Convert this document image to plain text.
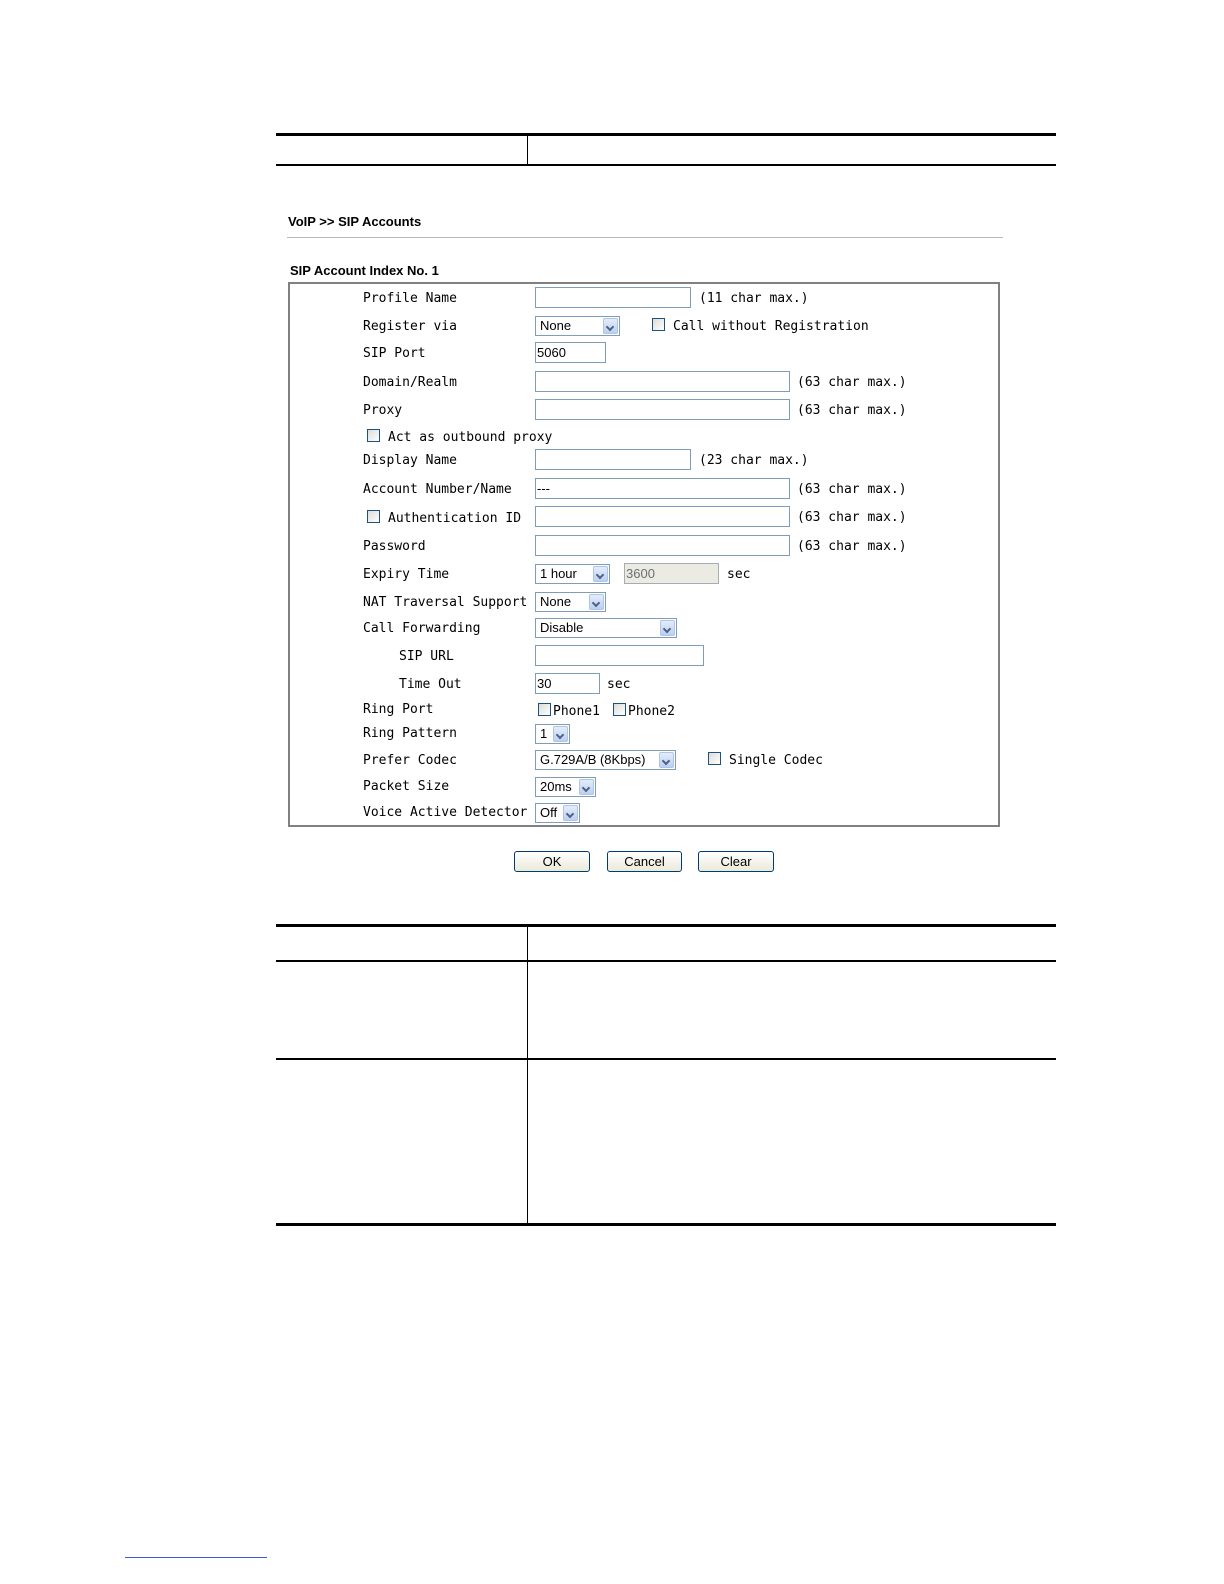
VoIP >> SIP Accounts
SIP Account Index No. 1
Profile Name	(11 char max.)
Register via	None	Call without Registration
SIP Port	5060
Domain/Realm	(63 char max.)
Proxy	(63 char max.)
Act as outbound proxy
Display Name	(23 char max.)
Account Number/Name ---	(63 char max.)
Authentication ID	(63 char max.)
Password	(63 char max.)
Expiry Time	1 hour	3600	sec
NAT Traversal Support None
Call Forwarding	Disable
SIP URL
Time Out	30	sec
Ring Port	Phone1 Phone2
Ring Pattern	1
Prefer Codec	G.729A/B (8Kbps)	Single Codec
Packet Size	20ms
Voice Active Detector Off
OK	Cancel	Clear
